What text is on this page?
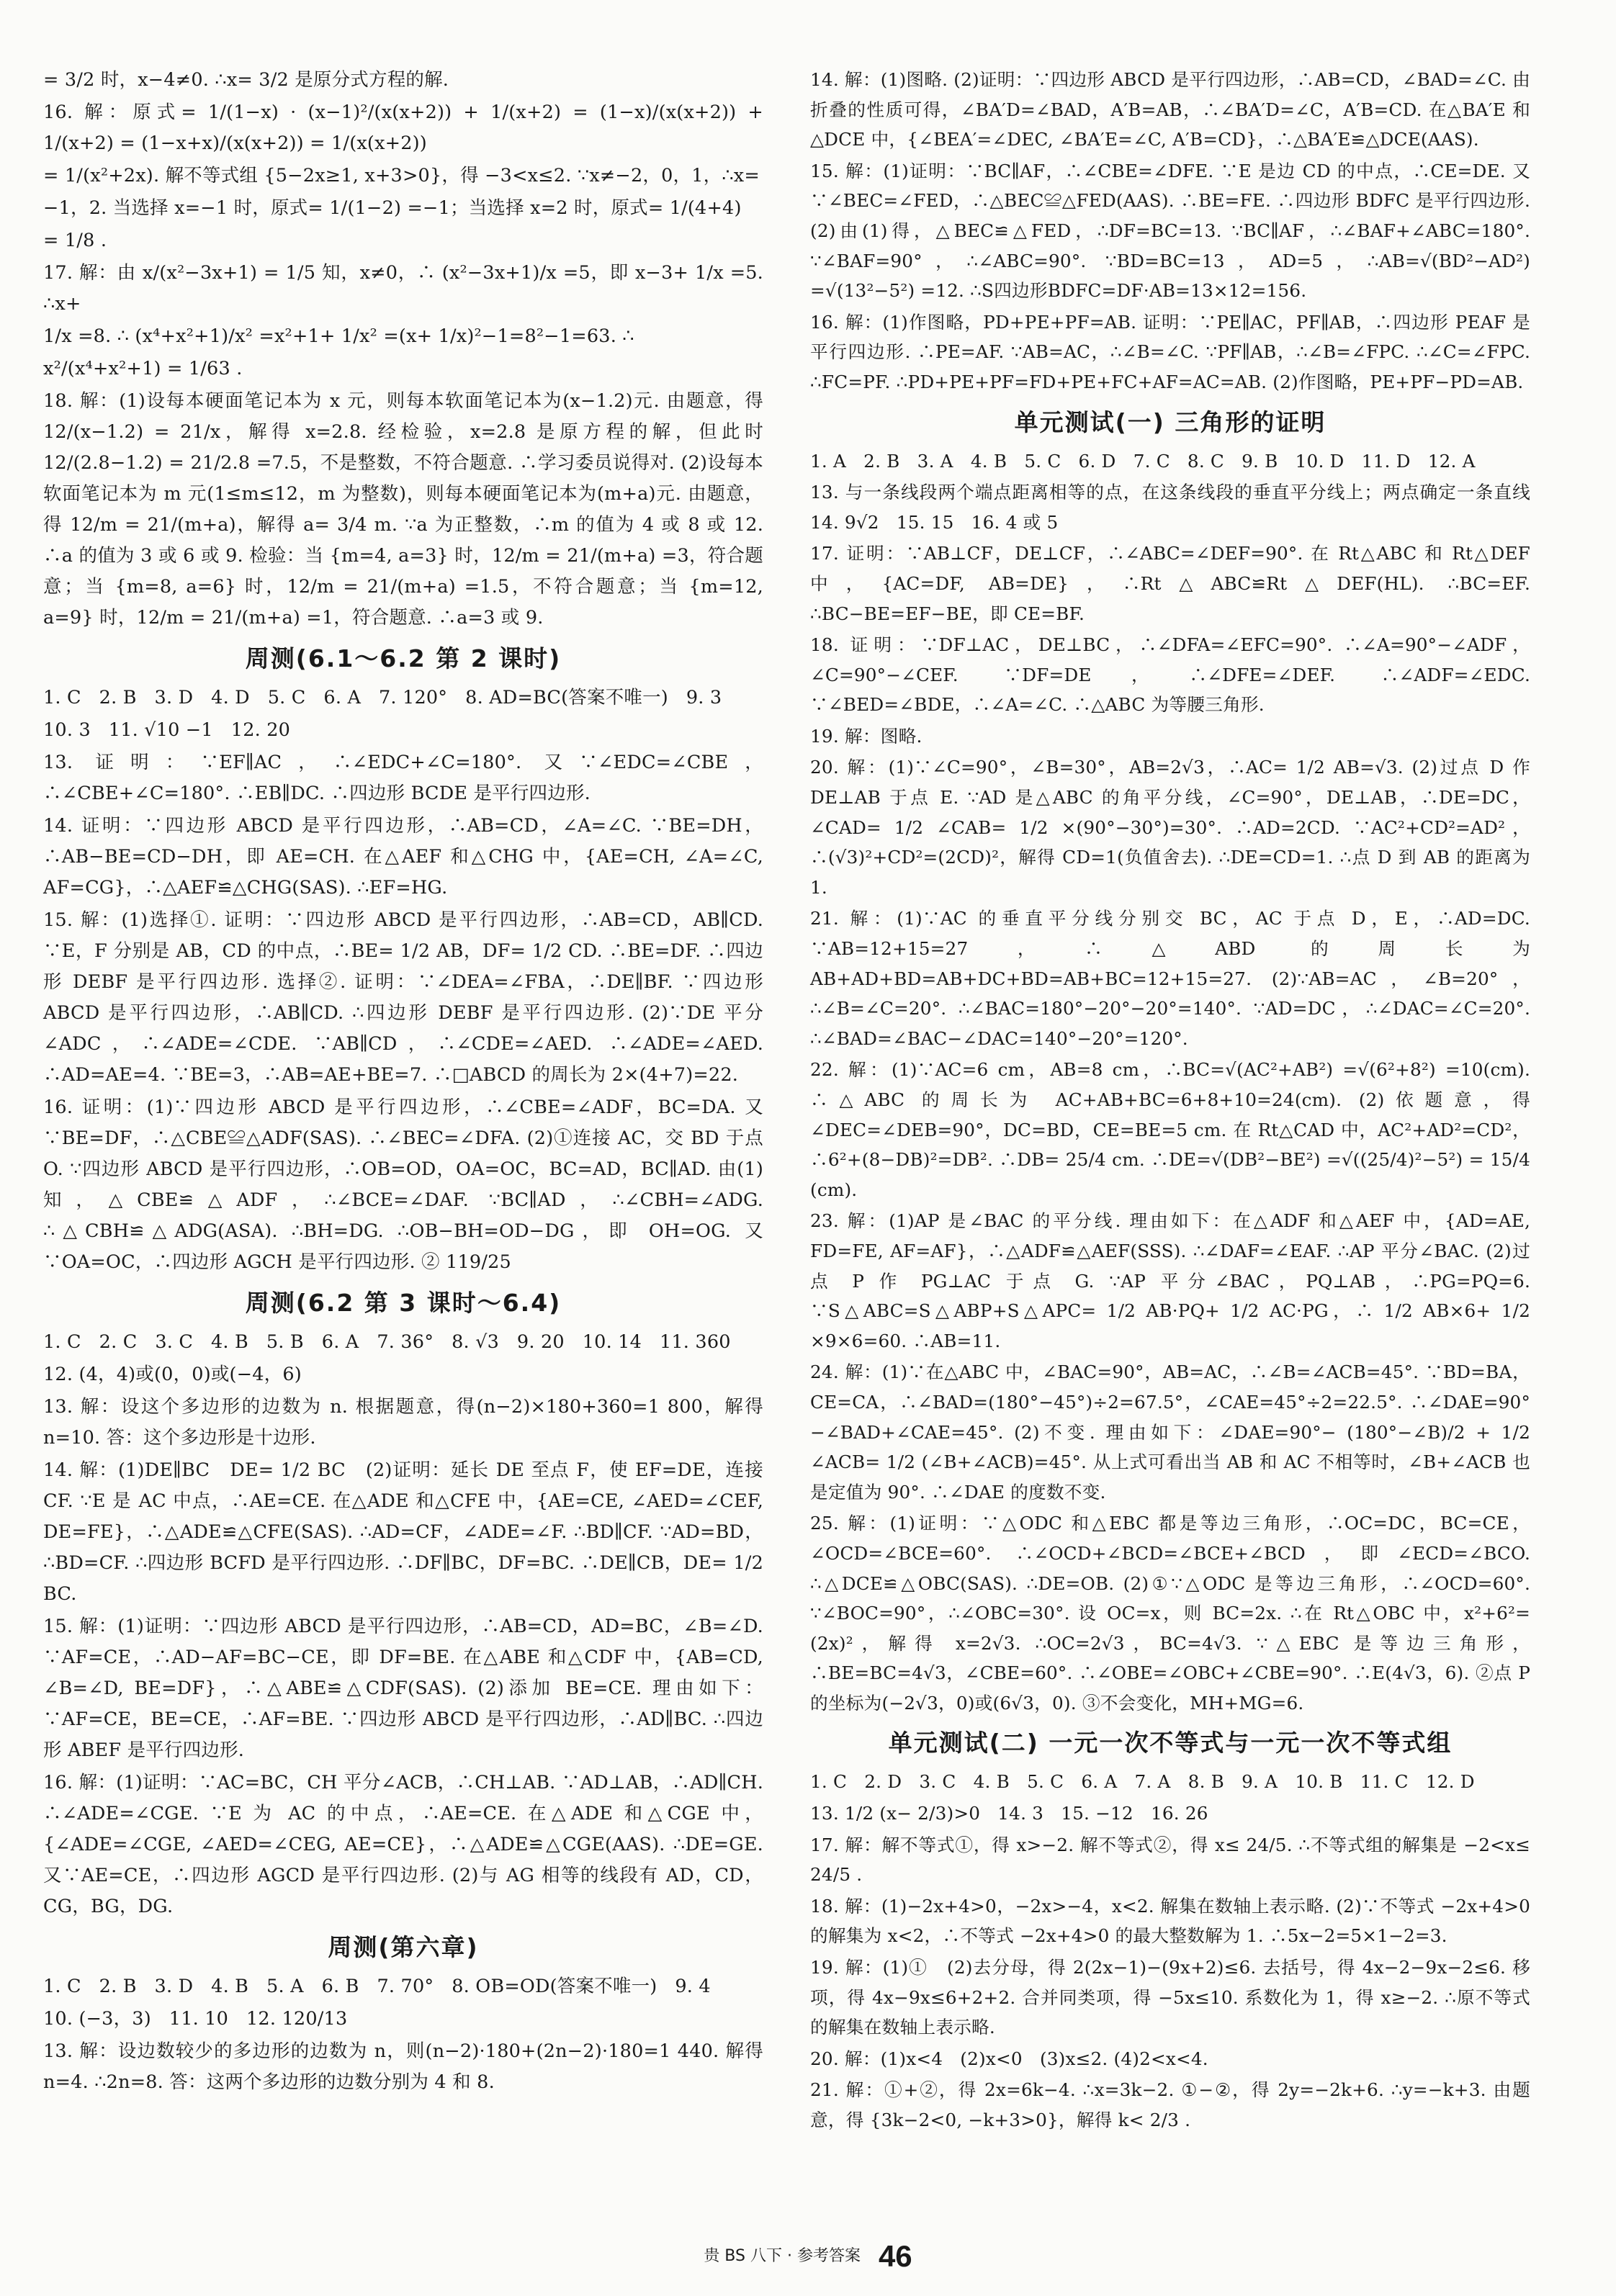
= 3/2 时，x−4≠0. ∴x= 3/2 是原分式方程的解.

16. 解：原式= 1/(1−x) · (x−1)²/(x(x+2)) + 1/(x+2) = (1−x)/(x(x+2)) + 1/(x+2) = (1−x+x)/(x(x+2)) = 1/(x(x+2))

= 1/(x²+2x). 解不等式组 {5−2x≥1, x+3>0}，得 −3<x≤2. ∵x≠−2，0，1，∴x=

−1，2. 当选择 x=−1 时，原式= 1/(1−2) =−1；当选择 x=2 时，原式= 1/(4+4)

= 1/8 .

17. 解：由 x/(x²−3x+1) = 1/5 知，x≠0，∴ (x²−3x+1)/x =5，即 x−3+ 1/x =5. ∴x+

1/x =8. ∴ (x⁴+x²+1)/x² =x²+1+ 1/x² =(x+ 1/x)²−1=8²−1=63. ∴

x²/(x⁴+x²+1) = 1/63 .

18. 解：(1)设每本硬面笔记本为 x 元，则每本软面笔记本为(x−1.2)元. 由题意，得 12/(x−1.2) = 21/x，解得 x=2.8. 经检验，x=2.8 是原方程的解，但此时 12/(2.8−1.2) = 21/2.8 =7.5，不是整数，不符合题意. ∴学习委员说得对. (2)设每本软面笔记本为 m 元(1≤m≤12，m 为整数)，则每本硬面笔记本为(m+a)元. 由题意，得 12/m = 21/(m+a)，解得 a= 3/4 m. ∵a 为正整数，∴m 的值为 4 或 8 或 12. ∴a 的值为 3 或 6 或 9. 检验：当 {m=4, a=3} 时，12/m = 21/(m+a) =3，符合题意；当 {m=8, a=6} 时，12/m = 21/(m+a) =1.5，不符合题意；当 {m=12, a=9} 时，12/m = 21/(m+a) =1，符合题意. ∴a=3 或 9.

周测(6.1～6.2 第 2 课时)

1. C   2. B   3. D   4. D   5. C   6. A   7. 120°   8. AD=BC(答案不唯一)   9. 3

10. 3   11. √10 −1   12. 20

13. 证明：∵EF∥AC，∴∠EDC+∠C=180°. 又∵∠EDC=∠CBE，∴∠CBE+∠C=180°. ∴EB∥DC. ∴四边形 BCDE 是平行四边形.

14. 证明：∵四边形 ABCD 是平行四边形，∴AB=CD，∠A=∠C. ∵BE=DH，∴AB−BE=CD−DH，即 AE=CH. 在△AEF 和△CHG 中，{AE=CH, ∠A=∠C, AF=CG}，∴△AEF≌△CHG(SAS). ∴EF=HG.

15. 解：(1)选择①. 证明：∵四边形 ABCD 是平行四边形，∴AB=CD，AB∥CD. ∵E，F 分别是 AB，CD 的中点，∴BE= 1/2 AB，DF= 1/2 CD. ∴BE=DF. ∴四边形 DEBF 是平行四边形. 选择②. 证明：∵∠DEA=∠FBA，∴DE∥BF. ∵四边形 ABCD 是平行四边形，∴AB∥CD. ∴四边形 DEBF 是平行四边形. (2)∵DE 平分∠ADC，∴∠ADE=∠CDE. ∵AB∥CD，∴∠CDE=∠AED. ∴∠ADE=∠AED. ∴AD=AE=4. ∵BE=3，∴AB=AE+BE=7. ∴□ABCD 的周长为 2×(4+7)=22.

16. 证明：(1)∵四边形 ABCD 是平行四边形，∴∠CBE=∠ADF，BC=DA. 又∵BE=DF，∴△CBE≌△ADF(SAS). ∴∠BEC=∠DFA. (2)①连接 AC，交 BD 于点 O. ∵四边形 ABCD 是平行四边形，∴OB=OD，OA=OC，BC=AD，BC∥AD. 由(1)知，△CBE≌△ADF，∴∠BCE=∠DAF. ∵BC∥AD，∴∠CBH=∠ADG. ∴△CBH≌△ADG(ASA). ∴BH=DG. ∴OB−BH=OD−DG，即 OH=OG. 又∵OA=OC，∴四边形 AGCH 是平行四边形. ② 119/25

周测(6.2 第 3 课时～6.4)

1. C   2. C   3. C   4. B   5. B   6. A   7. 36°   8. √3   9. 20   10. 14   11. 360

12. (4，4)或(0，0)或(−4，6)

13. 解：设这个多边形的边数为 n. 根据题意，得(n−2)×180+360=1 800，解得 n=10. 答：这个多边形是十边形.

14. 解：(1)DE∥BC   DE= 1/2 BC   (2)证明：延长 DE 至点 F，使 EF=DE，连接 CF. ∵E 是 AC 中点，∴AE=CE. 在△ADE 和△CFE 中，{AE=CE, ∠AED=∠CEF, DE=FE}，∴△ADE≌△CFE(SAS). ∴AD=CF，∠ADE=∠F. ∴BD∥CF. ∵AD=BD，∴BD=CF. ∴四边形 BCFD 是平行四边形. ∴DF∥BC，DF=BC. ∴DE∥CB，DE= 1/2 BC.

15. 解：(1)证明：∵四边形 ABCD 是平行四边形，∴AB=CD，AD=BC，∠B=∠D. ∵AF=CE，∴AD−AF=BC−CE，即 DF=BE. 在△ABE 和△CDF 中，{AB=CD, ∠B=∠D, BE=DF}，∴△ABE≌△CDF(SAS). (2)添加 BE=CE. 理由如下：∵AF=CE，BE=CE，∴AF=BE. ∵四边形 ABCD 是平行四边形，∴AD∥BC. ∴四边形 ABEF 是平行四边形.

16. 解：(1)证明：∵AC=BC，CH 平分∠ACB，∴CH⊥AB. ∵AD⊥AB，∴AD∥CH. ∴∠ADE=∠CGE. ∵E 为 AC 的中点，∴AE=CE. 在△ADE 和△CGE 中，{∠ADE=∠CGE, ∠AED=∠CEG, AE=CE}，∴△ADE≌△CGE(AAS). ∴DE=GE. 又∵AE=CE，∴四边形 AGCD 是平行四边形. (2)与 AG 相等的线段有 AD，CD，CG，BG，DG.

周测(第六章)

1. C   2. B   3. D   4. B   5. A   6. B   7. 70°   8. OB=OD(答案不唯一)   9. 4

10. (−3，3)   11. 10   12. 120/13

13. 解：设边数较少的多边形的边数为 n，则(n−2)·180+(2n−2)·180=1 440. 解得 n=4. ∴2n=8. 答：这两个多边形的边数分别为 4 和 8.

14. 解：(1)图略. (2)证明：∵四边形 ABCD 是平行四边形，∴AB=CD，∠BAD=∠C. 由折叠的性质可得，∠BA′D=∠BAD，A′B=AB，∴∠BA′D=∠C，A′B=CD. 在△BA′E 和△DCE 中，{∠BEA′=∠DEC, ∠BA′E=∠C, A′B=CD}，∴△BA′E≌△DCE(AAS).

15. 解：(1)证明：∵BC∥AF，∴∠CBE=∠DFE. ∵E 是边 CD 的中点，∴CE=DE. 又∵∠BEC=∠FED，∴△BEC≌△FED(AAS). ∴BE=FE. ∴四边形 BDFC 是平行四边形. (2)由(1)得，△BEC≌△FED，∴DF=BC=13. ∵BC∥AF，∴∠BAF+∠ABC=180°. ∵∠BAF=90°，∴∠ABC=90°. ∵BD=BC=13，AD=5，∴AB=√(BD²−AD²) =√(13²−5²) =12. ∴S四边形BDFC=DF·AB=13×12=156.

16. 解：(1)作图略，PD+PE+PF=AB. 证明：∵PE∥AC，PF∥AB，∴四边形 PEAF 是平行四边形. ∴PE=AF. ∵AB=AC，∴∠B=∠C. ∵PF∥AB，∴∠B=∠FPC. ∴∠C=∠FPC. ∴FC=PF. ∴PD+PE+PF=FD+PE+FC+AF=AC=AB. (2)作图略，PE+PF−PD=AB.

单元测试(一) 三角形的证明

1. A   2. B   3. A   4. B   5. C   6. D   7. C   8. C   9. B   10. D   11. D   12. A

13. 与一条线段两个端点距离相等的点，在这条线段的垂直平分线上；两点确定一条直线   14. 9√2   15. 15   16. 4 或 5

17. 证明：∵AB⊥CF，DE⊥CF，∴∠ABC=∠DEF=90°. 在 Rt△ABC 和 Rt△DEF 中，{AC=DF, AB=DE}，∴Rt△ABC≌Rt△DEF(HL). ∴BC=EF. ∴BC−BE=EF−BE，即 CE=BF.

18. 证明：∵DF⊥AC，DE⊥BC，∴∠DFA=∠EFC=90°. ∴∠A=90°−∠ADF，∠C=90°−∠CEF. ∵DF=DE，∴∠DFE=∠DEF. ∴∠ADF=∠EDC. ∵∠BED=∠BDE，∴∠A=∠C. ∴△ABC 为等腰三角形.

19. 解：图略.

20. 解：(1)∵∠C=90°，∠B=30°，AB=2√3，∴AC= 1/2 AB=√3. (2)过点 D 作 DE⊥AB 于点 E. ∵AD 是△ABC 的角平分线，∠C=90°，DE⊥AB，∴DE=DC，∠CAD= 1/2 ∠CAB= 1/2 ×(90°−30°)=30°. ∴AD=2CD. ∵AC²+CD²=AD²，∴(√3)²+CD²=(2CD)²，解得 CD=1(负值舍去). ∴DE=CD=1. ∴点 D 到 AB 的距离为 1.

21. 解：(1)∵AC 的垂直平分线分别交 BC，AC 于点 D，E，∴AD=DC. ∵AB=12+15=27，∴△ABD 的周长为 AB+AD+BD=AB+DC+BD=AB+BC=12+15=27. (2)∵AB=AC，∠B=20°，∴∠B=∠C=20°. ∴∠BAC=180°−20°−20°=140°. ∵AD=DC，∴∠DAC=∠C=20°. ∴∠BAD=∠BAC−∠DAC=140°−20°=120°.

22. 解：(1)∵AC=6 cm，AB=8 cm，∴BC=√(AC²+AB²) =√(6²+8²) =10(cm). ∴△ABC 的周长为 AC+AB+BC=6+8+10=24(cm). (2)依题意，得∠DEC=∠DEB=90°，DC=BD，CE=BE=5 cm. 在 Rt△CAD 中，AC²+AD²=CD²，∴6²+(8−DB)²=DB². ∴DB= 25/4 cm. ∴DE=√(DB²−BE²) =√((25/4)²−5²) = 15/4 (cm).

23. 解：(1)AP 是∠BAC 的平分线. 理由如下：在△ADF 和△AEF 中，{AD=AE, FD=FE, AF=AF}，∴△ADF≌△AEF(SSS). ∴∠DAF=∠EAF. ∴AP 平分∠BAC. (2)过点 P 作 PG⊥AC 于点 G. ∵AP 平分∠BAC，PQ⊥AB，∴PG=PQ=6. ∵S△ABC=S△ABP+S△APC= 1/2 AB·PQ+ 1/2 AC·PG，∴ 1/2 AB×6+ 1/2 ×9×6=60. ∴AB=11.

24. 解：(1)∵在△ABC 中，∠BAC=90°，AB=AC，∴∠B=∠ACB=45°. ∵BD=BA，CE=CA，∴∠BAD=(180°−45°)÷2=67.5°，∠CAE=45°÷2=22.5°. ∴∠DAE=90°−∠BAD+∠CAE=45°. (2)不变. 理由如下：∠DAE=90°− (180°−∠B)/2 + 1/2 ∠ACB= 1/2 (∠B+∠ACB)=45°. 从上式可看出当 AB 和 AC 不相等时，∠B+∠ACB 也是定值为 90°. ∴∠DAE 的度数不变.

25. 解：(1)证明：∵△ODC 和△EBC 都是等边三角形，∴OC=DC，BC=CE，∠OCD=∠BCE=60°. ∴∠OCD+∠BCD=∠BCE+∠BCD，即∠ECD=∠BCO. ∴△DCE≌△OBC(SAS). ∴DE=OB. (2)①∵△ODC 是等边三角形，∴∠OCD=60°. ∵∠BOC=90°，∴∠OBC=30°. 设 OC=x，则 BC=2x. ∴在 Rt△OBC 中，x²+6²=(2x)²，解得 x=2√3. ∴OC=2√3，BC=4√3. ∵△EBC 是等边三角形，∴BE=BC=4√3，∠CBE=60°. ∴∠OBE=∠OBC+∠CBE=90°. ∴E(4√3，6). ②点 P 的坐标为(−2√3，0)或(6√3，0). ③不会变化，MH+MG=6.

单元测试(二) 一元一次不等式与一元一次不等式组

1. C   2. D   3. C   4. B   5. C   6. A   7. A   8. B   9. A   10. B   11. C   12. D

13. 1/2 (x− 2/3)>0   14. 3   15. −12   16. 26

17. 解：解不等式①，得 x>−2. 解不等式②，得 x≤ 24/5. ∴不等式组的解集是 −2<x≤ 24/5 .

18. 解：(1)−2x+4>0，−2x>−4，x<2. 解集在数轴上表示略. (2)∵不等式 −2x+4>0 的解集为 x<2，∴不等式 −2x+4>0 的最大整数解为 1. ∴5x−2=5×1−2=3.

19. 解：(1)①   (2)去分母，得 2(2x−1)−(9x+2)≤6. 去括号，得 4x−2−9x−2≤6. 移项，得 4x−9x≤6+2+2. 合并同类项，得 −5x≤10. 系数化为 1，得 x≥−2. ∴原不等式的解集在数轴上表示略.

20. 解：(1)x<4   (2)x<0   (3)x≤2. (4)2<x<4.

21. 解：①+②，得 2x=6k−4. ∴x=3k−2. ①−②，得 2y=−2k+6. ∴y=−k+3. 由题意，得 {3k−2<0, −k+3>0}，解得 k< 2/3 .

贵 BS 八下 · 参考答案 46
